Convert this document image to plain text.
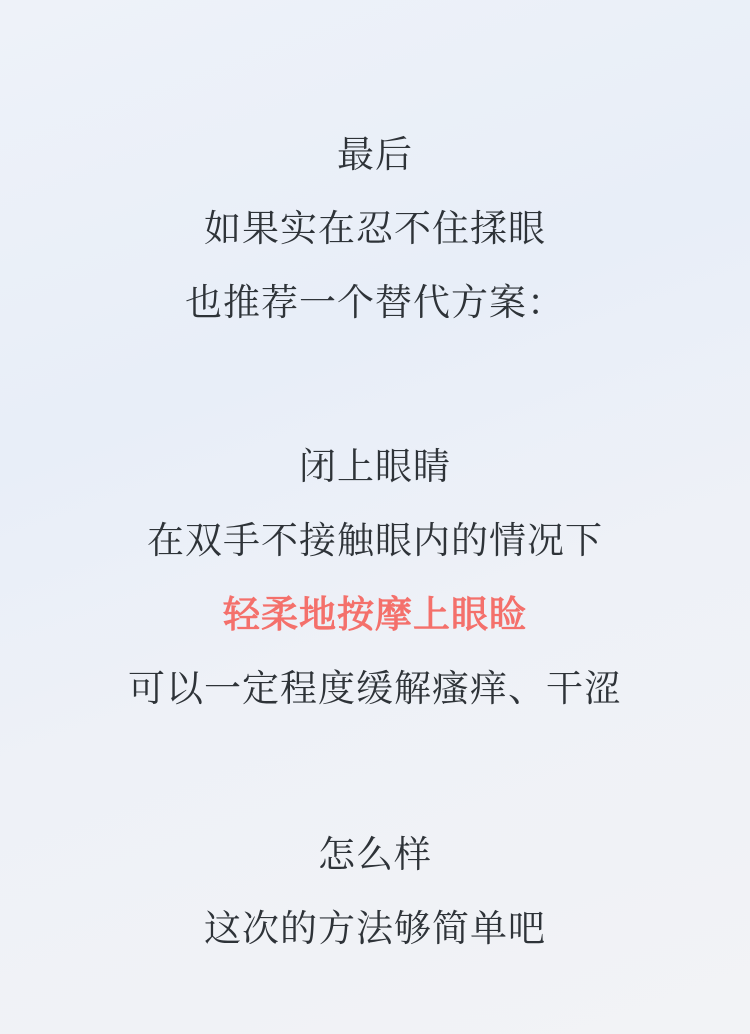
最后
如果实在忍不住揉眼
也推荐一个替代方案：
闭上眼睛
在双手不接触眼内的情况下
轻柔地按摩上眼睑
可以一定程度缓解瘙痒、干涩
怎么样
这次的方法够简单吧
